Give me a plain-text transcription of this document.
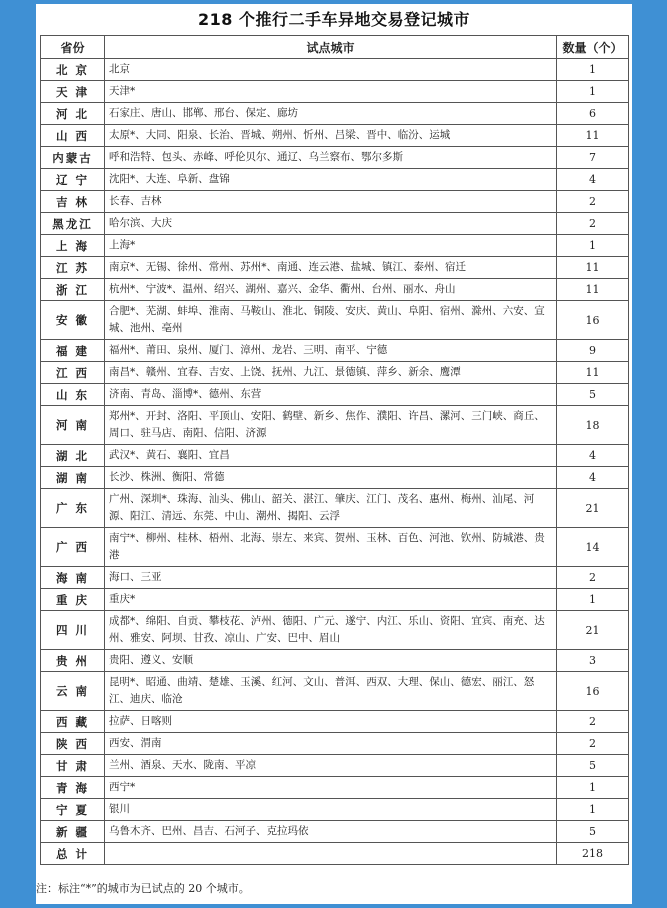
218 个推行二手车异地交易登记城市
省份	试点城市	数量（个）
北 京	北京	1
天 津	天津*	1
河 北	石家庄、唐山、邯郸、邢台、保定、廊坊	6
山 西	太原*、大同、阳泉、长治、晋城、朔州、忻州、吕梁、晋中、临汾、运城	11
内蒙古	呼和浩特、包头、赤峰、呼伦贝尔、通辽、乌兰察布、鄂尔多斯	7
辽 宁	沈阳*、大连、阜新、盘锦	4
吉 林	长春、吉林	2
黑龙江	哈尔滨、大庆	2
上 海	上海*	1
江 苏	南京*、无锡、徐州、常州、苏州*、南通、连云港、盐城、镇江、泰州、宿迁	11
浙 江	杭州*、宁波*、温州、绍兴、湖州、嘉兴、金华、衢州、台州、丽水、舟山	11
安 徽	合肥*、芜湖、蚌埠、淮南、马鞍山、淮北、铜陵、安庆、黄山、阜阳、宿州、滁州、六安、宣城、池州、亳州	16
福 建	福州*、莆田、泉州、厦门、漳州、龙岩、三明、南平、宁德	9
江 西	南昌*、赣州、宜春、吉安、上饶、抚州、九江、景德镇、萍乡、新余、鹰潭	11
山 东	济南、青岛、淄博*、德州、东营	5
河 南	郑州*、开封、洛阳、平顶山、安阳、鹤壁、新乡、焦作、濮阳、许昌、漯河、三门峡、商丘、周口、驻马店、南阳、信阳、济源	18
湖 北	武汉*、黄石、襄阳、宜昌	4
湖 南	长沙、株洲、衡阳、常德	4
广 东	广州、深圳*、珠海、汕头、佛山、韶关、湛江、肇庆、江门、茂名、惠州、梅州、汕尾、河源、阳江、清远、东莞、中山、潮州、揭阳、云浮	21
广 西	南宁*、柳州、桂林、梧州、北海、崇左、来宾、贺州、玉林、百色、河池、钦州、防城港、贵港	14
海 南	海口、三亚	2
重 庆	重庆*	1
四 川	成都*、绵阳、自贡、攀枝花、泸州、德阳、广元、遂宁、内江、乐山、资阳、宜宾、南充、达州、雅安、阿坝、甘孜、凉山、广安、巴中、眉山	21
贵 州	贵阳、遵义、安顺	3
云 南	昆明*、昭通、曲靖、楚雄、玉溪、红河、文山、普洱、西双、大理、保山、德宏、丽江、怒江、迪庆、临沧	16
西 藏	拉萨、日喀则	2
陕 西	西安、渭南	2
甘 肃	兰州、酒泉、天水、陇南、平凉	5
青 海	西宁*	1
宁 夏	银川	1
新 疆	乌鲁木齐、巴州、昌吉、石河子、克拉玛依	5
总 计		218
注：标注“*”的城市为已试点的 20 个城市。
